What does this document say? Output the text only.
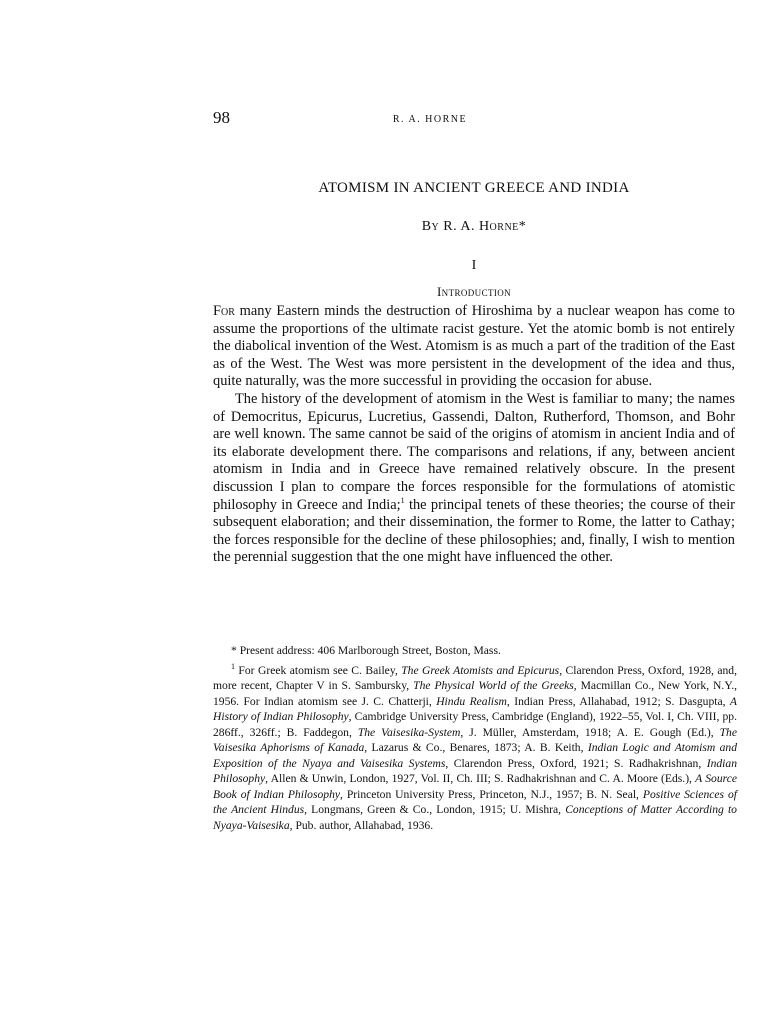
98	R. A. HORNE
ATOMISM IN ANCIENT GREECE AND INDIA
By R. A. Horne*
I
Introduction

For many Eastern minds the destruction of Hiroshima by a nuclear weapon has come to assume the proportions of the ultimate racist gesture. Yet the atomic bomb is not entirely the diabolical invention of the West. Atomism is as much a part of the tradition of the East as of the West. The West was more persistent in the development of the idea and thus, quite naturally, was the more successful in providing the occasion for abuse.

The history of the development of atomism in the West is familiar to many; the names of Democritus, Epicurus, Lucretius, Gassendi, Dalton, Rutherford, Thomson, and Bohr are well known. The same cannot be said of the origins of atomism in ancient India and of its elaborate development there. The comparisons and relations, if any, between ancient atomism in India and in Greece have remained relatively obscure. In the present discussion I plan to compare the forces responsible for the formulations of atomistic philosophy in Greece and India;$^1$ the principal tenets of these theories; the course of their subsequent elaboration; and their dissemination, the former to Rome, the latter to Cathay; the forces responsible for the decline of these philosophies; and, finally, I wish to mention the perennial suggestion that the one might have influenced the other.

* Present address: 406 Marlborough Street, Boston, Mass.

$^1$ For Greek atomism see C. Bailey, The Greek Atomists and Epicurus, Clarendon Press, Oxford, 1928, and, more recent, Chapter V in S. Sambursky, The Physical World of the Greeks, Macmillan Co., New York, N.Y., 1956. For Indian atomism see J. C. Chatterji, Hindu Realism, Indian Press, Allahabad, 1912; S. Dasgupta, A History of Indian Philosophy, Cambridge University Press, Cambridge (England), 1922–55, Vol. I, Ch. VIII, pp. 286ff., 326ff.; B. Faddegon, The Vaisesika-System, J. Müller, Amsterdam, 1918; A. E. Gough (Ed.), The Vaisesika Aphorisms of Kanada, Lazarus & Co., Benares, 1873; A. B. Keith, Indian Logic and Atomism and Exposition of the Nyaya and Vaisesika Systems, Clarendon Press, Oxford, 1921; S. Radhakrishnan, Indian Philosophy, Allen & Unwin, London, 1927, Vol. II, Ch. III; S. Radhakrishnan and C. A. Moore (Eds.), A Source Book of Indian Philosophy, Princeton University Press, Princeton, N.J., 1957; B. N. Seal, Positive Sciences of the Ancient Hindus, Longmans, Green & Co., London, 1915; U. Mishra, Conceptions of Matter According to Nyaya-Vaisesika, Pub. author, Allahabad, 1936.
